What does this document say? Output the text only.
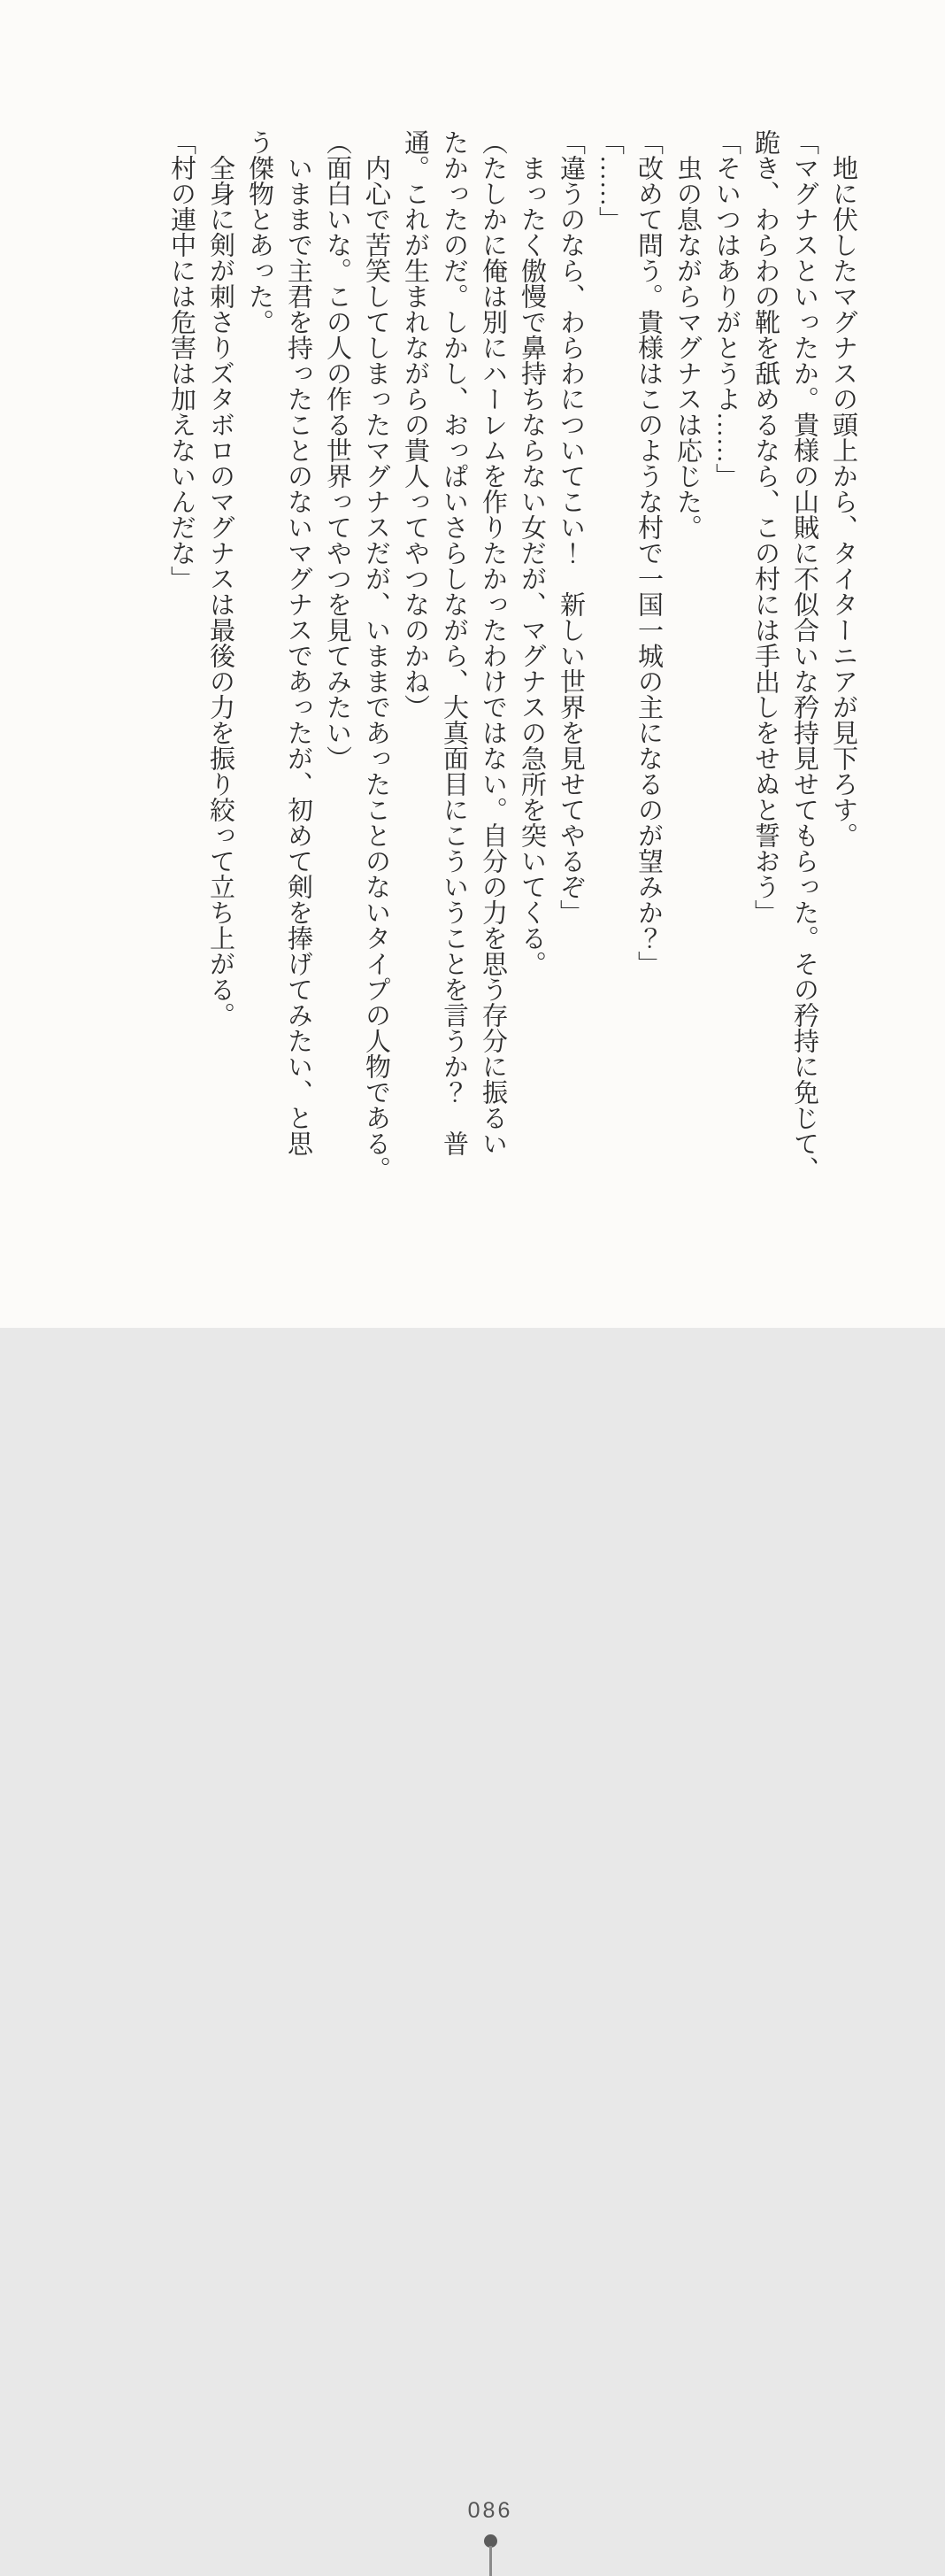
地に伏したマグナスの頭上から、タイターニアが見下ろす。
「マグナスといったか。貴様の山賊に不似合いな矜持見せてもらった。その矜持に免じて、
跪き、わらわの靴を舐めるなら、この村には手出しをせぬと誓おう」
「そいつはありがとうよ……」
虫の息ながらマグナスは応じた。
「改めて問う。貴様はこのような村で一国一城の主になるのが望みか？」
「……」
「違うのなら、わらわについてこい！　新しい世界を見せてやるぞ」
まったく傲慢で鼻持ちならない女だが、マグナスの急所を突いてくる。
（たしかに俺は別にハーレムを作りたかったわけではない。自分の力を思う存分に振るい
たかったのだ。しかし、おっぱいさらしながら、大真面目にこういうことを言うか？　普
通。これが生まれながらの貴人ってやつなのかね）
内心で苦笑してしまったマグナスだが、いままであったことのないタイプの人物である。
（面白いな。この人の作る世界ってやつを見てみたい）
いままで主君を持ったことのないマグナスであったが、初めて剣を捧げてみたい、と思
う傑物とあった。
全身に剣が刺さりズタボロのマグナスは最後の力を振り絞って立ち上がる。
「村の連中には危害は加えないんだな」
086
